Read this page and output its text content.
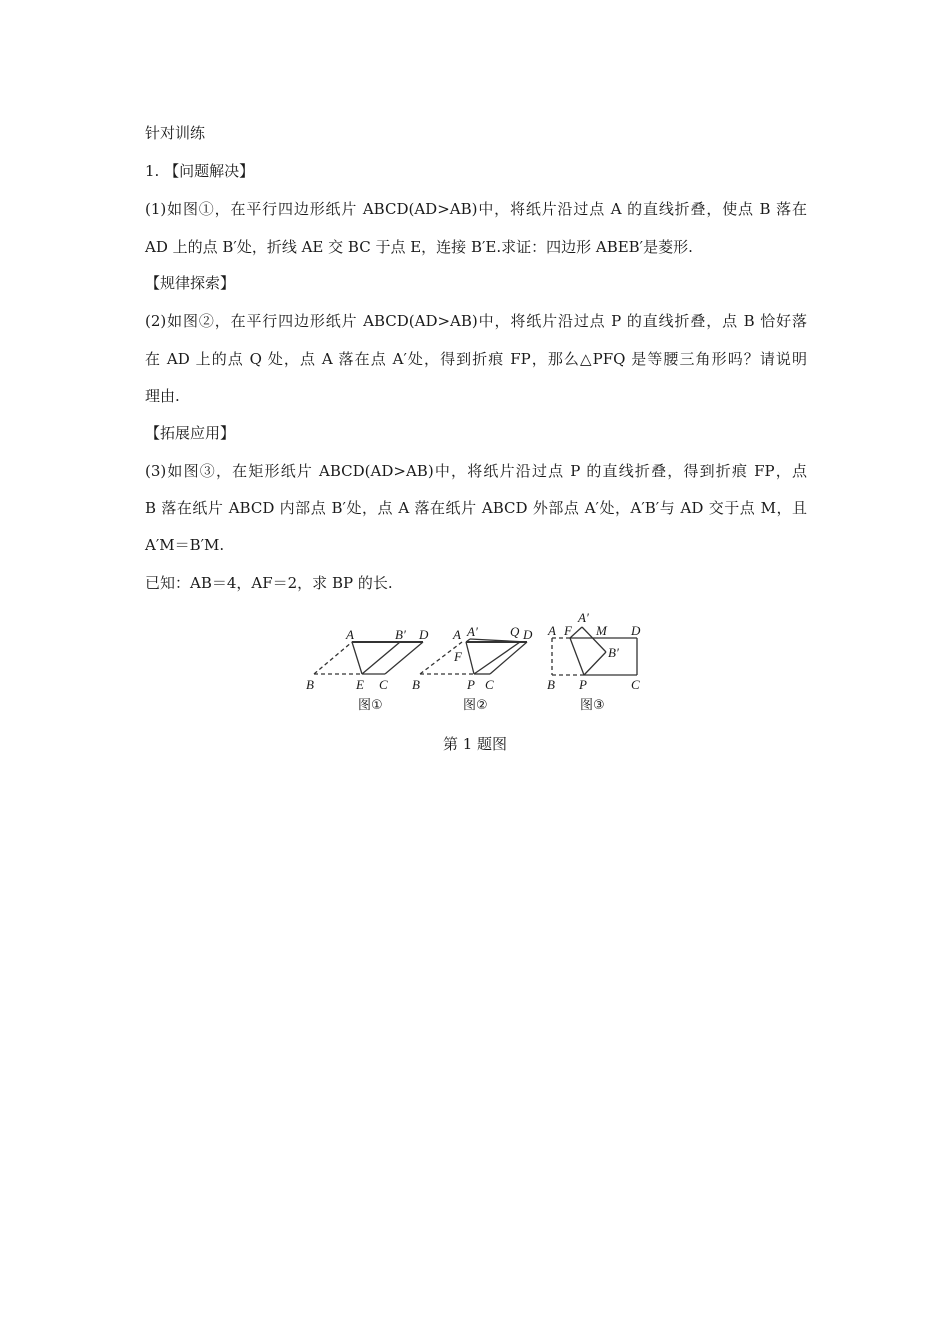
针对训练
1. 【问题解决】
(1)如图①，在平行四边形纸片 ABCD(AD>AB)中，将纸片沿过点 A 的直线折叠，使点 B 落在
AD 上的点 B′处，折线 AE 交 BC 于点 E，连接 B′E.求证：四边形 ABEB′是菱形.
【规律探索】
(2)如图②，在平行四边形纸片 ABCD(AD>AB)中，将纸片沿过点 P 的直线折叠，点 B 恰好落
在 AD 上的点 Q 处，点 A 落在点 A′处，得到折痕 FP，那么△PFQ 是等腰三角形吗？请说明
理由.
【拓展应用】
(3)如图③，在矩形纸片 ABCD(AD>AB)中，将纸片沿过点 P 的直线折叠，得到折痕 FP，点
B 落在纸片 ABCD 内部点 B′处，点 A 落在纸片 ABCD 外部点 A′处，A′B′与 AD 交于点 M，且
A′M＝B′M.
已知：AB＝4，AF＝2，求 BP 的长.
A	B′ D
B	E C
图①
A A′ Q D
F
B	P C
图②
A F
A′
M D
B′
B P	C
图③
第 1 题图
